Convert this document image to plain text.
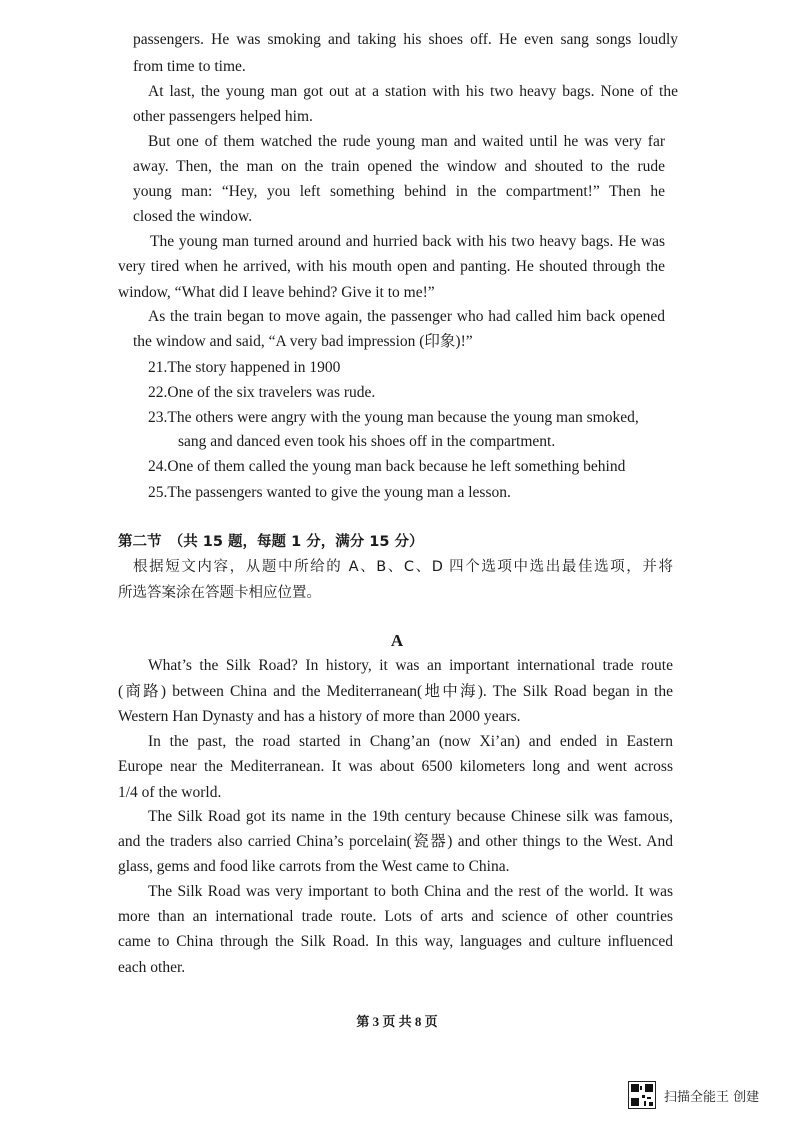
passengers. He was smoking and taking his shoes off. He even sang songs loudly

from time to time.

At last, the young man got out at a station with his two heavy bags. None of the

other passengers helped him.

But one of them watched the rude young man and waited until he was very far

away. Then, the man on the train opened the window and shouted to the rude

young man: “Hey, you left something behind in the compartment!” Then he

closed the window.

The young man turned around and hurried back with his two heavy bags. He was

very tired when he arrived, with his mouth open and panting. He shouted through the

window, “What did I leave behind? Give it to me!”

As the train began to move again, the passenger who had called him back opened

the window and said, “A very bad impression (印象)!”

21.The story happened in 1900

22.One of the six travelers was rude.

23.The others were angry with the young man because the young man smoked,

sang and danced even took his shoes off in the compartment.

24.One of them called the young man back because he left something behind

25.The passengers wanted to give the young man a lesson.

第二节　（共 15 题，每题 1 分，满分 15 分）

根据短文内容，从题中所给的 A、B、C、D 四个选项中选出最佳选项，并将

所选答案涂在答题卡相应位置。

A

What’s the Silk Road? In history, it was an important international trade route

(商路) between China and the Mediterranean(地中海). The Silk Road began in the

Western Han Dynasty and has a history of more than 2000 years.

In the past, the road started in Chang’an (now Xi’an) and ended in Eastern

Europe near the Mediterranean. It was about 6500 kilometers long and went across

1/4 of the world.

The Silk Road got its name in the 19th century because Chinese silk was famous,

and the traders also carried China’s porcelain(瓷器) and other things to the West. And

glass, gems and food like carrots from the West came to China.

The Silk Road was very important to both China and the rest of the world. It was

more than an international trade route. Lots of arts and science of other countries

came to China through the Silk Road. In this way, languages and culture influenced

each other.

第 3 页 共 8 页

扫描全能王 创建
